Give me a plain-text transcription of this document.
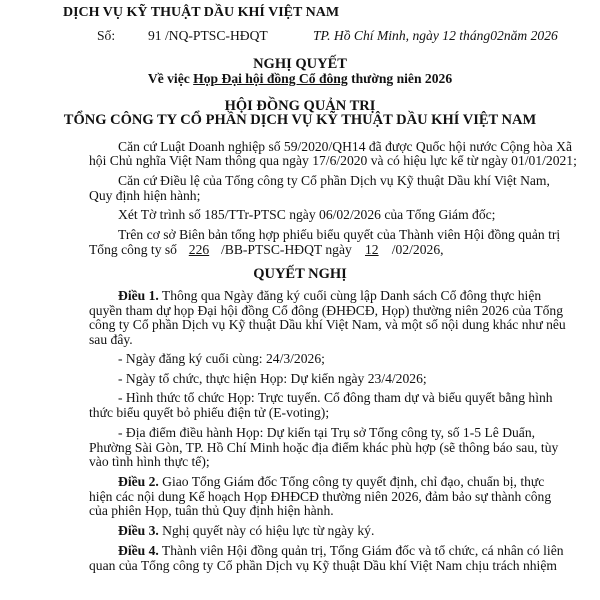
DỊCH VỤ KỸ THUẬT DẦU KHÍ VIỆT NAM
Số: 91 /NQ-PTSC-HĐQT	TP. Hồ Chí Minh, ngày 12 tháng02năm 2026
NGHỊ QUYẾT
Về việc Họp Đại hội đồng Cổ đông thường niên 2026
HỘI ĐỒNG QUẢN TRỊ
TỔNG CÔNG TY CỔ PHẦN DỊCH VỤ KỸ THUẬT DẦU KHÍ VIỆT NAM
Căn cứ Luật Doanh nghiệp số 59/2020/QH14 đã được Quốc hội nước Cộng hòa Xã
hội Chủ nghĩa Việt Nam thông qua ngày 17/6/2020 và có hiệu lực kể từ ngày 01/01/2021;
Căn cứ Điều lệ của Tổng công ty Cổ phần Dịch vụ Kỹ thuật Dầu khí Việt Nam,
Quy định hiện hành;
Xét Tờ trình số 185/TTr-PTSC ngày 06/02/2026 của Tổng Giám đốc;
Trên cơ sở Biên bản tổng hợp phiếu biểu quyết của Thành viên Hội đồng quản trị
Tổng công ty số 226 /BB-PTSC-HĐQT ngày 12 /02/2026,
QUYẾT NGHỊ
Điều 1. Thông qua Ngày đăng ký cuối cùng lập Danh sách Cổ đông thực hiện
quyền tham dự họp Đại hội đồng Cổ đông (ĐHĐCĐ, Họp) thường niên 2026 của Tổng
công ty Cổ phần Dịch vụ Kỹ thuật Dầu khí Việt Nam, và một số nội dung khác như nêu
sau đây.
- Ngày đăng ký cuối cùng: 24/3/2026;
- Ngày tổ chức, thực hiện Họp: Dự kiến ngày 23/4/2026;
- Hình thức tổ chức Họp: Trực tuyến. Cổ đông tham dự và biểu quyết bằng hình
thức biểu quyết bỏ phiếu điện tử (E-voting);
- Địa điểm điều hành Họp: Dự kiến tại Trụ sở Tổng công ty, số 1-5 Lê Duẩn,
Phường Sài Gòn, TP. Hồ Chí Minh hoặc địa điểm khác phù hợp (sẽ thông báo sau, tùy
vào tình hình thực tế);
Điều 2. Giao Tổng Giám đốc Tổng công ty quyết định, chỉ đạo, chuẩn bị, thực
hiện các nội dung Kế hoạch Họp ĐHĐCĐ thường niên 2026, đảm bảo sự thành công
của phiên Họp, tuân thủ Quy định hiện hành.
Điều 3. Nghị quyết này có hiệu lực từ ngày ký.
Điều 4. Thành viên Hội đồng quản trị, Tổng Giám đốc và tổ chức, cá nhân có liên
quan của Tổng công ty Cổ phần Dịch vụ Kỹ thuật Dầu khí Việt Nam chịu trách nhiệm
